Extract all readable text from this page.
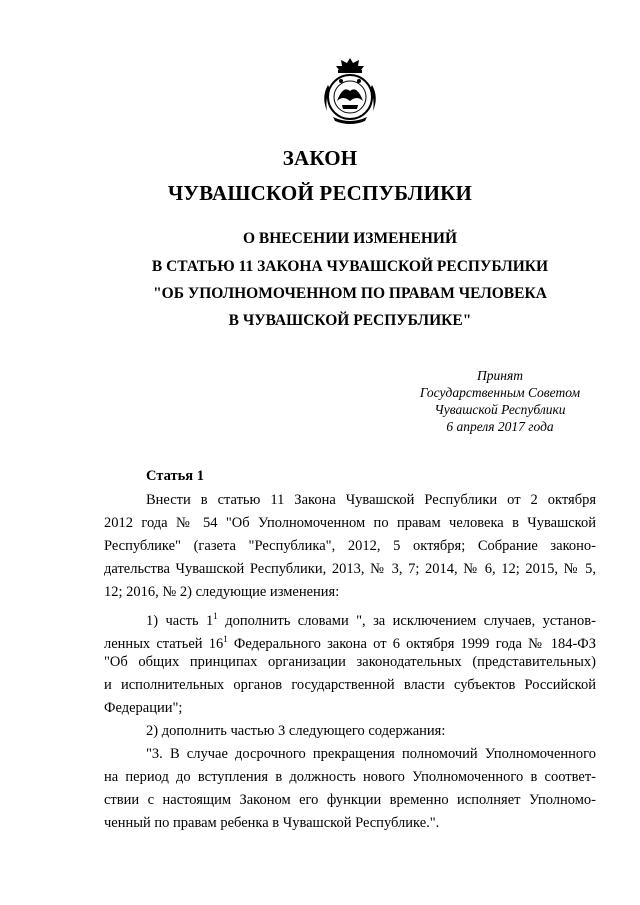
ЗАКОН
ЧУВАШСКОЙ РЕСПУБЛИКИ
О ВНЕСЕНИИ ИЗМЕНЕНИЙ
В СТАТЬЮ 11 ЗАКОНА ЧУВАШСКОЙ РЕСПУБЛИКИ
"ОБ УПОЛНОМОЧЕННОМ ПО ПРАВАМ ЧЕЛОВЕКА
В ЧУВАШСКОЙ РЕСПУБЛИКЕ"
Принят
Государственным Советом
Чувашской Республики
6 апреля 2017 года
Статья 1
Внести в статью 11 Закона Чувашской Республики от 2 октября
2012 года № 54 "Об Уполномоченном по правам человека в Чувашской
Республике" (газета "Республика", 2012, 5 октября; Собрание законо-
дательства Чувашской Республики, 2013, № 3, 7; 2014, № 6, 12; 2015, № 5,
12; 2016, № 2) следующие изменения:
1) часть 1$^1$ дополнить словами ", за исключением случаев, установ-
ленных статьей 16$^1$ Федерального закона от 6 октября 1999 года № 184-ФЗ
"Об общих принципах организации законодательных (представительных)
и исполнительных органов государственной власти субъектов Российской
Федерации";
2) дополнить частью 3 следующего содержания:
"3. В случае досрочного прекращения полномочий Уполномоченного
на период до вступления в должность нового Уполномоченного в соответ-
ствии с настоящим Законом его функции временно исполняет Уполномо-
ченный по правам ребенка в Чувашской Республике.".
